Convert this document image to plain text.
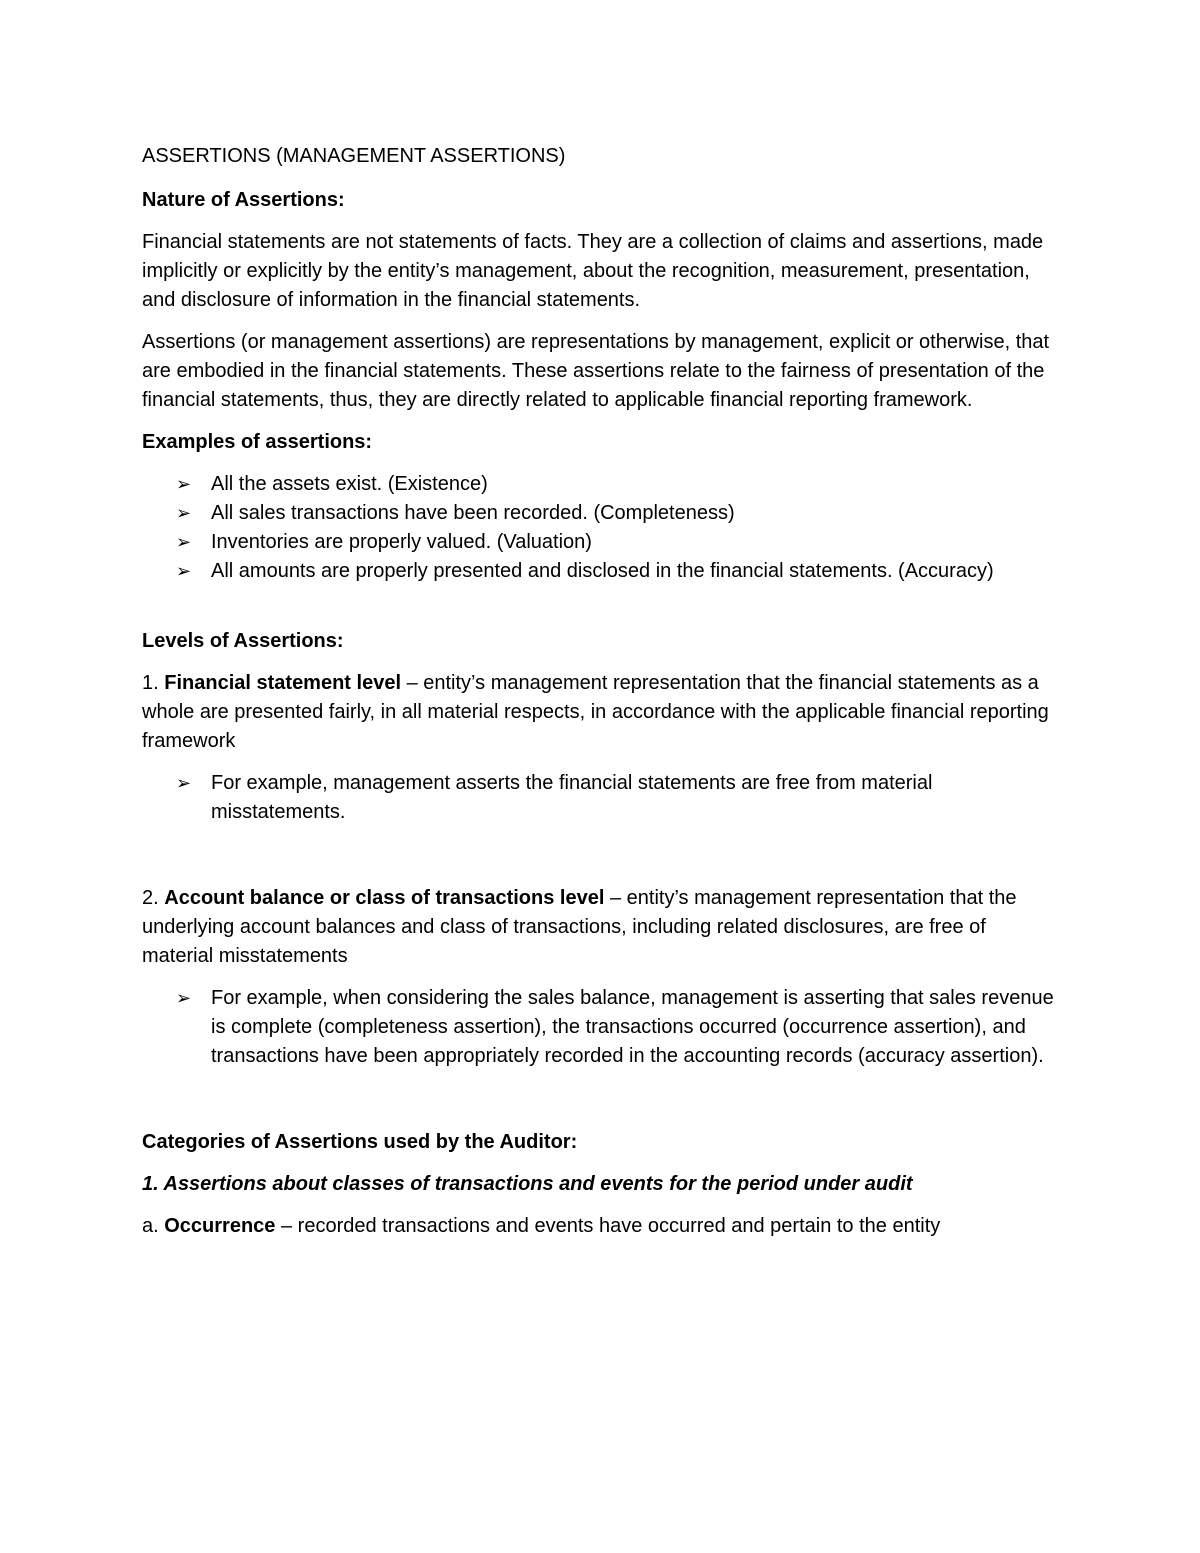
ASSERTIONS (MANAGEMENT ASSERTIONS)

Nature of Assertions:

Financial statements are not statements of facts. They are a collection of claims and assertions, made implicitly or explicitly by the entity’s management, about the recognition, measurement, presentation, and disclosure of information in the financial statements.

Assertions (or management assertions) are representations by management, explicit or otherwise, that are embodied in the financial statements. These assertions relate to the fairness of presentation of the financial statements, thus, they are directly related to applicable financial reporting framework.

Examples of assertions:

➢ All the assets exist. (Existence)
➢ All sales transactions have been recorded. (Completeness)
➢ Inventories are properly valued. (Valuation)
➢ All amounts are properly presented and disclosed in the financial statements. (Accuracy)

Levels of Assertions:

1. Financial statement level – entity’s management representation that the financial statements as a whole are presented fairly, in all material respects, in accordance with the applicable financial reporting framework

➢ For example, management asserts the financial statements are free from material misstatements.

2. Account balance or class of transactions level – entity’s management representation that the underlying account balances and class of transactions, including related disclosures, are free of material misstatements

➢ For example, when considering the sales balance, management is asserting that sales revenue is complete (completeness assertion), the transactions occurred (occurrence assertion), and transactions have been appropriately recorded in the accounting records (accuracy assertion).

Categories of Assertions used by the Auditor:

1. Assertions about classes of transactions and events for the period under audit

a. Occurrence – recorded transactions and events have occurred and pertain to the entity
